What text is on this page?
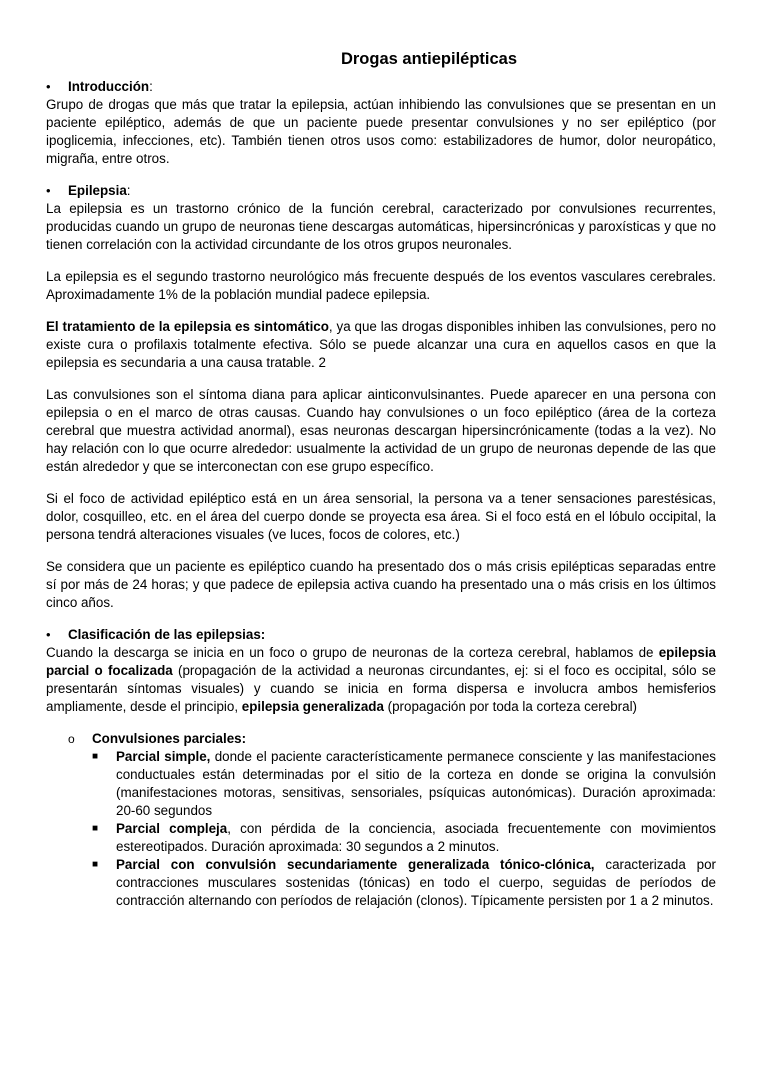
Drogas antiepilépticas
•	Introducción:

Grupo de drogas que más que tratar la epilepsia, actúan inhibiendo las convulsiones que se presentan en un paciente epiléptico, además de que un paciente puede presentar convulsiones y no ser epiléptico (por ipoglicemia, infecciones, etc). También tienen otros usos como: estabilizadores de humor, dolor neuropático, migraña, entre otros.

•	Epilepsia:

La epilepsia es un trastorno crónico de la función cerebral, caracterizado por convulsiones recurrentes, producidas cuando un grupo de neuronas tiene descargas automáticas, hipersincrónicas y paroxísticas y que no tienen correlación con la actividad circundante de los otros grupos neuronales.

La epilepsia es el segundo trastorno neurológico más frecuente después de los eventos vasculares cerebrales. Aproximadamente 1% de la población mundial padece epilepsia.

El tratamiento de la epilepsia es sintomático, ya que las drogas disponibles inhiben las convulsiones, pero no existe cura o profilaxis totalmente efectiva. Sólo se puede alcanzar una cura en aquellos casos en que la epilepsia es secundaria a una causa tratable. 2

Las convulsiones son el síntoma diana para aplicar ainticonvulsinantes. Puede aparecer en una persona con epilepsia o en el marco de otras causas. Cuando hay convulsiones o un foco epiléptico (área de la corteza cerebral que muestra actividad anormal), esas neuronas descargan hipersincrónicamente (todas a la vez). No hay relación con lo que ocurre alrededor: usualmente la actividad de un grupo de neuronas depende de las que están alrededor y que se interconectan con ese grupo específico.

Si el foco de actividad epiléptico está en un área sensorial, la persona va a tener sensaciones parestésicas, dolor, cosquilleo, etc. en el área del cuerpo donde se proyecta esa área. Si el foco está en el lóbulo occipital, la persona tendrá alteraciones visuales (ve luces, focos de colores, etc.)

Se considera que un paciente es epiléptico cuando ha presentado dos o más crisis epilépticas separadas entre sí por más de 24 horas; y que padece de epilepsia activa cuando ha presentado una o más crisis en los últimos cinco años.

•	Clasificación de las epilepsias:

Cuando la descarga se inicia en un foco o grupo de neuronas de la corteza cerebral, hablamos de epilepsia parcial o focalizada (propagación de la actividad a neuronas circundantes, ej: si el foco es occipital, sólo se presentarán síntomas visuales) y cuando se inicia en forma dispersa e involucra ambos hemisferios ampliamente, desde el principio, epilepsia generalizada (propagación por toda la corteza cerebral)

o	Convulsiones parciales:
■	Parcial simple, donde el paciente característicamente permanece consciente y las manifestaciones conductuales están determinadas por el sitio de la corteza en donde se origina la convulsión (manifestaciones motoras, sensitivas, sensoriales, psíquicas autonómicas). Duración aproximada: 20-60 segundos
■	Parcial compleja, con pérdida de la conciencia, asociada frecuentemente con movimientos estereotipados. Duración aproximada: 30 segundos a 2 minutos.
■	Parcial con convulsión secundariamente generalizada tónico-clónica, caracterizada por contracciones musculares sostenidas (tónicas) en todo el cuerpo, seguidas de períodos de contracción alternando con períodos de relajación (clonos). Típicamente persisten por 1 a 2 minutos.
